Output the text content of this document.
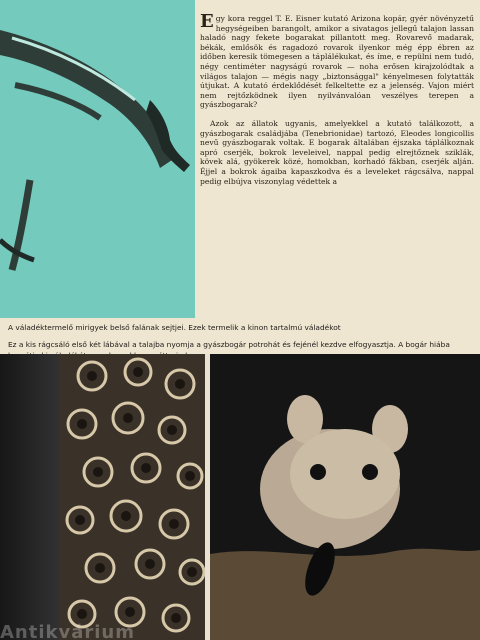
Egy kora reggel T. E. Eisner kutató Arizona kopár, gyér növényzetű hegységeiben barangolt, amikor a sivatagos jellegű talajon lassan haladó nagy fekete bogarakat pillantott meg. Rovarevő madarak, békák, emlősök és ragadozó rovarok ilyenkor még épp ébren az időben keresik tömegesen a táplálékukat, és íme, e repülni nem tudó, négy centiméter nagyságú rovarok — noha erősen kirajzolódtak a világos talajon — mégis nagy „biztonsággal" kényelmesen folytatták útjukat. A kutató érdeklődését felkeltette ez a jelenség. Vajon miért nem rejtőzködnek ilyen nyilvánvalóan veszélyes terepen a gyászbogarak?

Azok az állatok ugyanis, amelyekkel a kutató találkozott, a gyászbogarak családjába (Tenebrionidae) tartozó, Eleodes longicollis nevű gyászbogarak voltak. E bogarak általában éjszaka táplálkoznak apró cserjék, bokrok leveleivel, nappal pedig elrejtőznek sziklák, kövek alá, gyökerek közé, homokban, korhadó fákban, cserjék alján. Éjjel a bokrok ágaiba kapaszkodva és a leveleket rágcsálva, nappal pedig elbújva viszonylag védettek a

A váladéktermelő mirigyek belső falának sejtjei. Ezek termelik a kinon tartalmú váladékot
Ez a kis rágcsáló első két lábával a talajba nyomja a gyászbogár potrohát és fejénél kezdve elfogyasztja. A bogár hiába
Antikvárium
